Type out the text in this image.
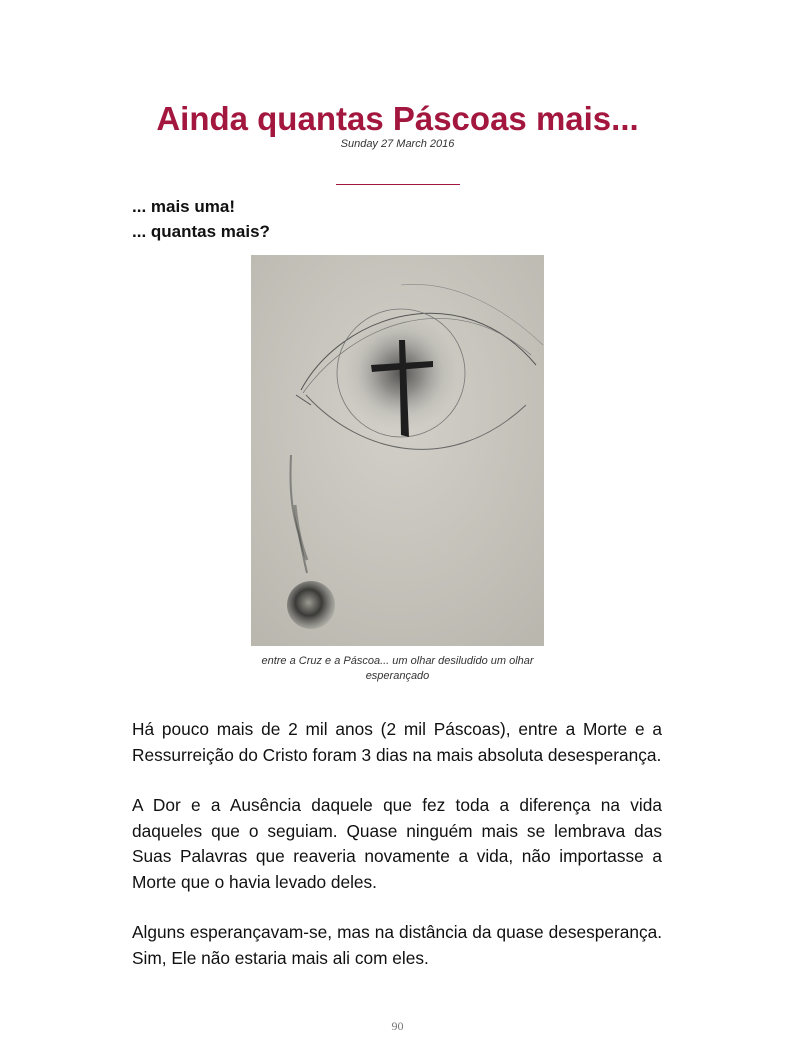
Ainda quantas Páscoas mais...
Sunday 27 March 2016
... mais uma!
... quantas mais?
entre a Cruz e a Páscoa... um olhar desiludido um olhar esperançado

Há pouco mais de 2 mil anos (2 mil Páscoas), entre a Morte e a Ressurreição do Cristo foram 3 dias na mais absoluta desesperança.

A Dor e a Ausência daquele que fez toda a diferença na vida daqueles que o seguiam. Quase ninguém mais se lembrava das Suas Palavras que reaveria novamente a vida, não importasse a Morte que o havia levado deles.

Alguns esperançavam-se, mas na distância da quase desesperança. Sim, Ele não estaria mais ali com eles.

90
